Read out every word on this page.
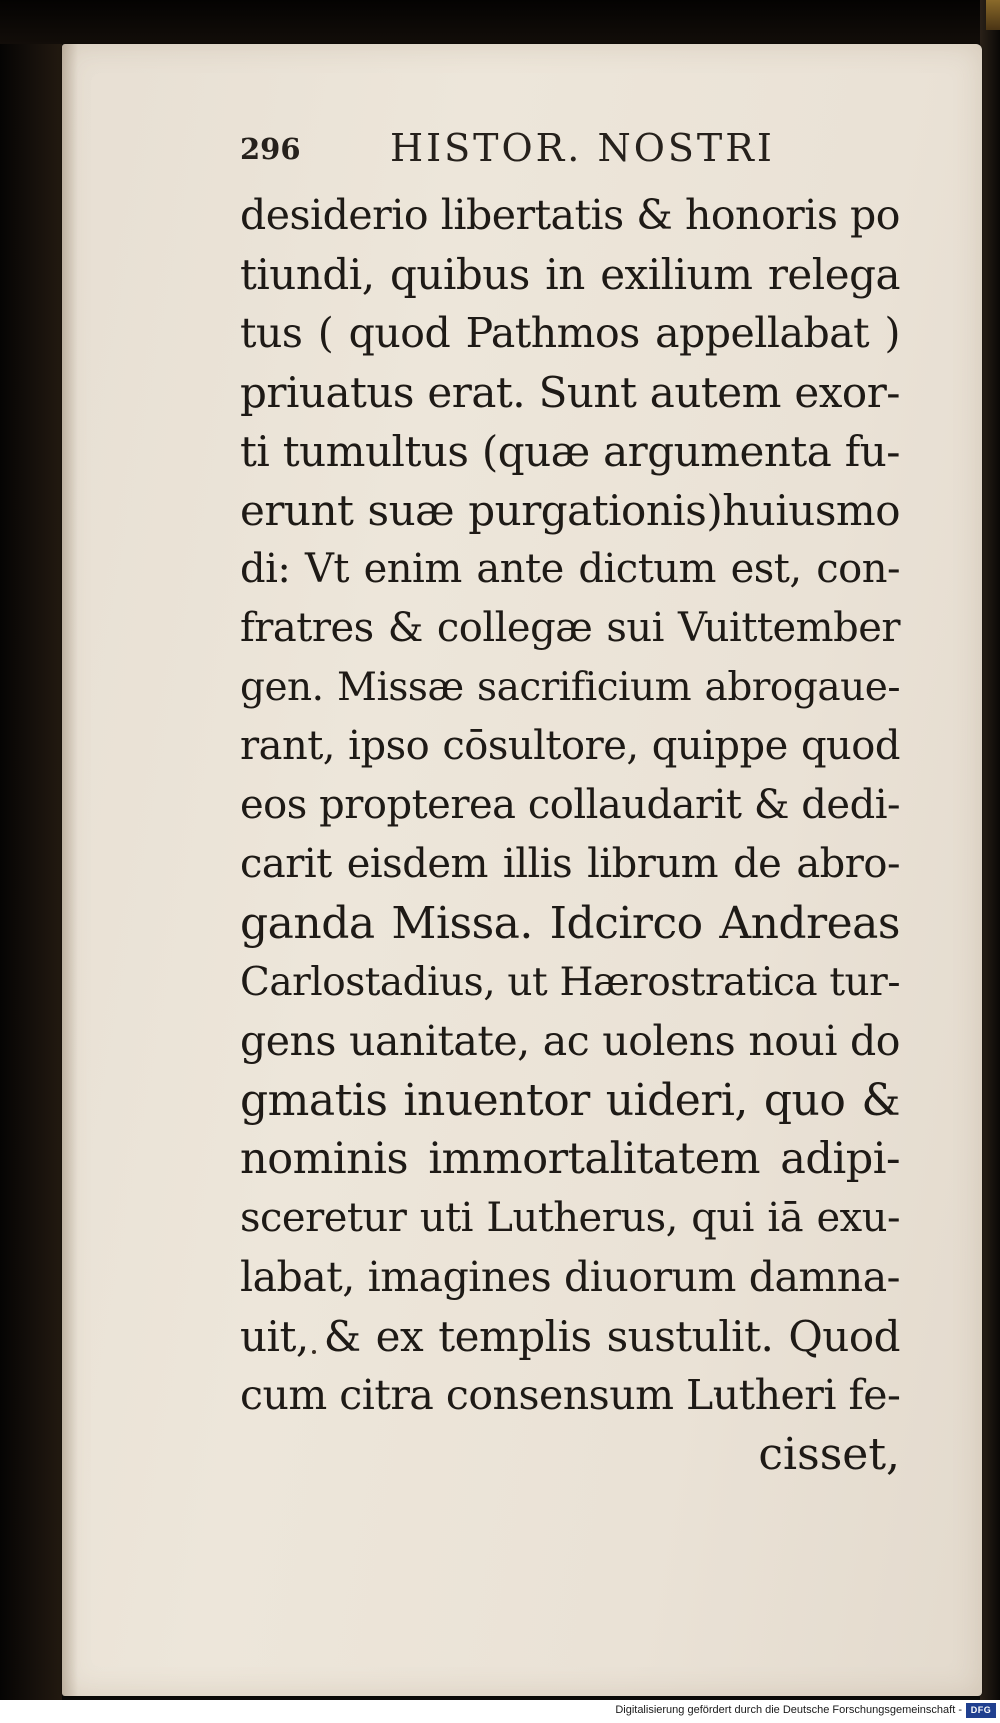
296 HISTOR. NOSTRI
desiderio libertatis & honoris po
tiundi, quibus in exilium relega
tus ( quod Pathmos appellabat )
priuatus erat. Sunt autem exor-
ti tumultus (quæ argumenta fu-
erunt suæ purgationis)huiusmo
di: Vt enim ante dictum est, con-
fratres & collegæ sui Vuittember
gen. Missæ sacrificium abrogaue-
rant, ipso cōsultore, quippe quod
eos propterea collaudarit & dedi-
carit eisdem illis librum de abro-
ganda Missa. Idcirco Andreas
Carlostadius, ut Hærostratica tur-
gens uanitate, ac uolens noui do
gmatis inuentor uideri, quo &
nominis immortalitatem adipi-
sceretur uti Lutherus, qui iā exu-
labat, imagines diuorum damna-
uit, & ex templis sustulit. Quod
cum citra consensum Lutheri fe-
cisset,
Digitalisierung gefördert durch die Deutsche Forschungsgemeinschaft - DFG
